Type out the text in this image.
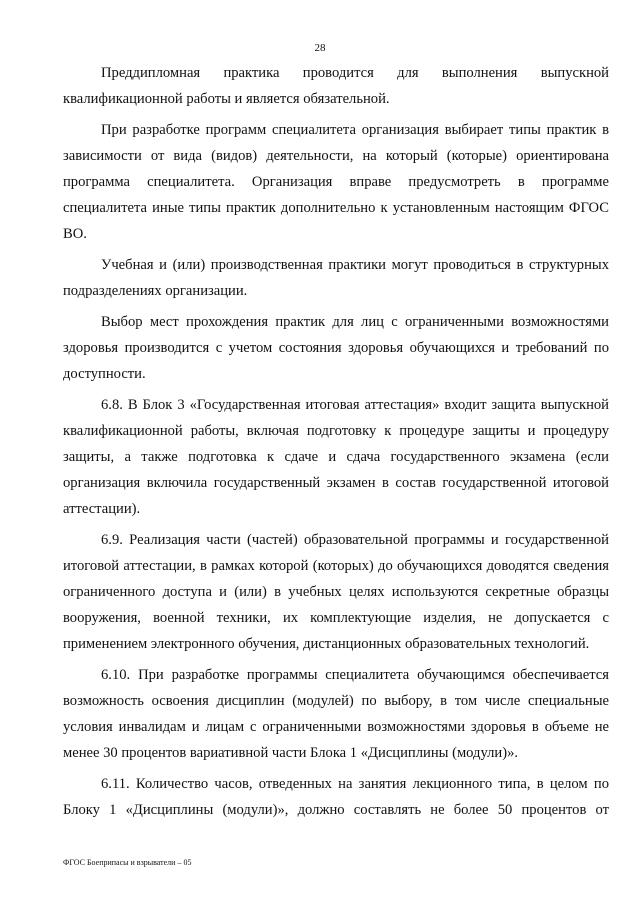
28

Преддипломная практика проводится для выполнения выпускной квалификационной работы и является обязательной.

При разработке программ специалитета организация выбирает типы практик в зависимости от вида (видов) деятельности, на который (которые) ориентирована программа специалитета. Организация вправе предусмотреть в программе специалитета иные типы практик дополнительно к установленным настоящим ФГОС ВО.

Учебная и (или) производственная практики могут проводиться в структурных подразделениях организации.

Выбор мест прохождения практик для лиц с ограниченными возможностями здоровья производится с учетом состояния здоровья обучающихся и требований по доступности.

6.8. В Блок 3 «Государственная итоговая аттестация» входит защита выпускной квалификационной работы, включая подготовку к процедуре защиты и процедуру защиты, а также подготовка к сдаче и сдача государственного экзамена (если организация включила государственный экзамен в состав государственной итоговой аттестации).

6.9. Реализация части (частей) образовательной программы и государственной итоговой аттестации, в рамках которой (которых) до обучающихся доводятся сведения ограниченного доступа и (или) в учебных целях используются секретные образцы вооружения, военной техники, их комплектующие изделия, не допускается с применением электронного обучения, дистанционных образовательных технологий.

6.10. При разработке программы специалитета обучающимся обеспечивается возможность освоения дисциплин (модулей) по выбору, в том числе специальные условия инвалидам и лицам с ограниченными возможностями здоровья в объеме не менее 30 процентов вариативной части Блока 1 «Дисциплины (модули)».

6.11. Количество часов, отведенных на занятия лекционного типа, в целом по Блоку 1 «Дисциплины (модули)», должно составлять не более 50 процентов от

ФГОС Боеприпасы и взрыватели – 05
